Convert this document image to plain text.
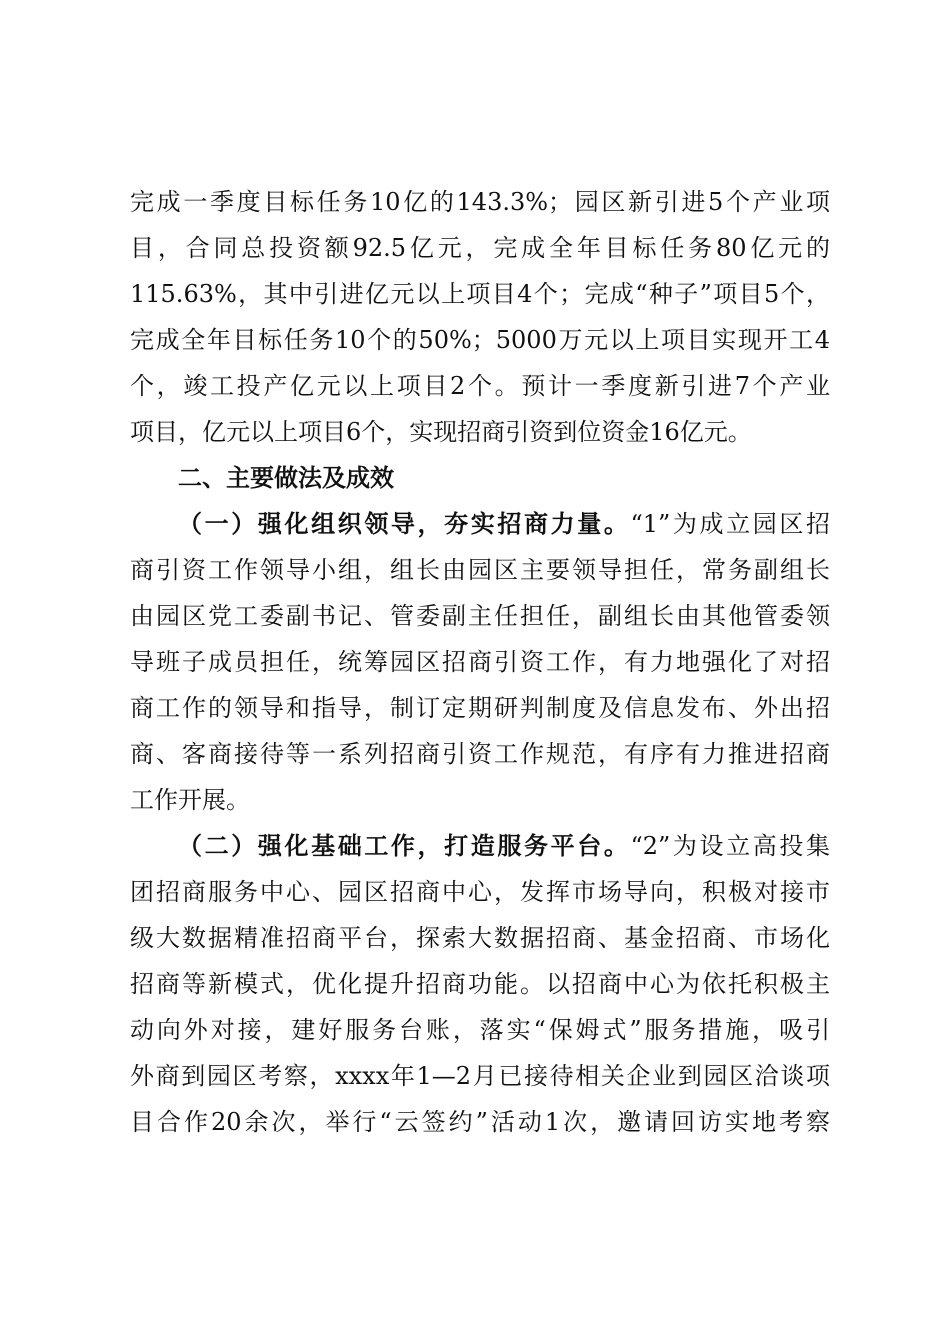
完成一季度目标任务10亿的143.3%；园区新引进5个产业项
目，合同总投资额92.5亿元，完成全年目标任务80亿元的
115.63%，其中引进亿元以上项目4个；完成“种子”项目5个，
完成全年目标任务10个的50%；5000万元以上项目实现开工4
个，竣工投产亿元以上项目2个。预计一季度新引进7个产业
项目，亿元以上项目6个，实现招商引资到位资金16亿元。
二、主要做法及成效
（一）强化组织领导，夯实招商力量。“1”为成立园区招
商引资工作领导小组，组长由园区主要领导担任，常务副组长
由园区党工委副书记、管委副主任担任，副组长由其他管委领
导班子成员担任，统筹园区招商引资工作，有力地强化了对招
商工作的领导和指导，制订定期研判制度及信息发布、外出招
商、客商接待等一系列招商引资工作规范，有序有力推进招商
工作开展。
（二）强化基础工作，打造服务平台。“2”为设立高投集
团招商服务中心、园区招商中心，发挥市场导向，积极对接市
级大数据精准招商平台，探索大数据招商、基金招商、市场化
招商等新模式，优化提升招商功能。以招商中心为依托积极主
动向外对接，建好服务台账，落实“保姆式”服务措施，吸引
外商到园区考察，xxxx年1—2月已接待相关企业到园区洽谈项
目合作20余次，举行“云签约”活动1次，邀请回访实地考察
